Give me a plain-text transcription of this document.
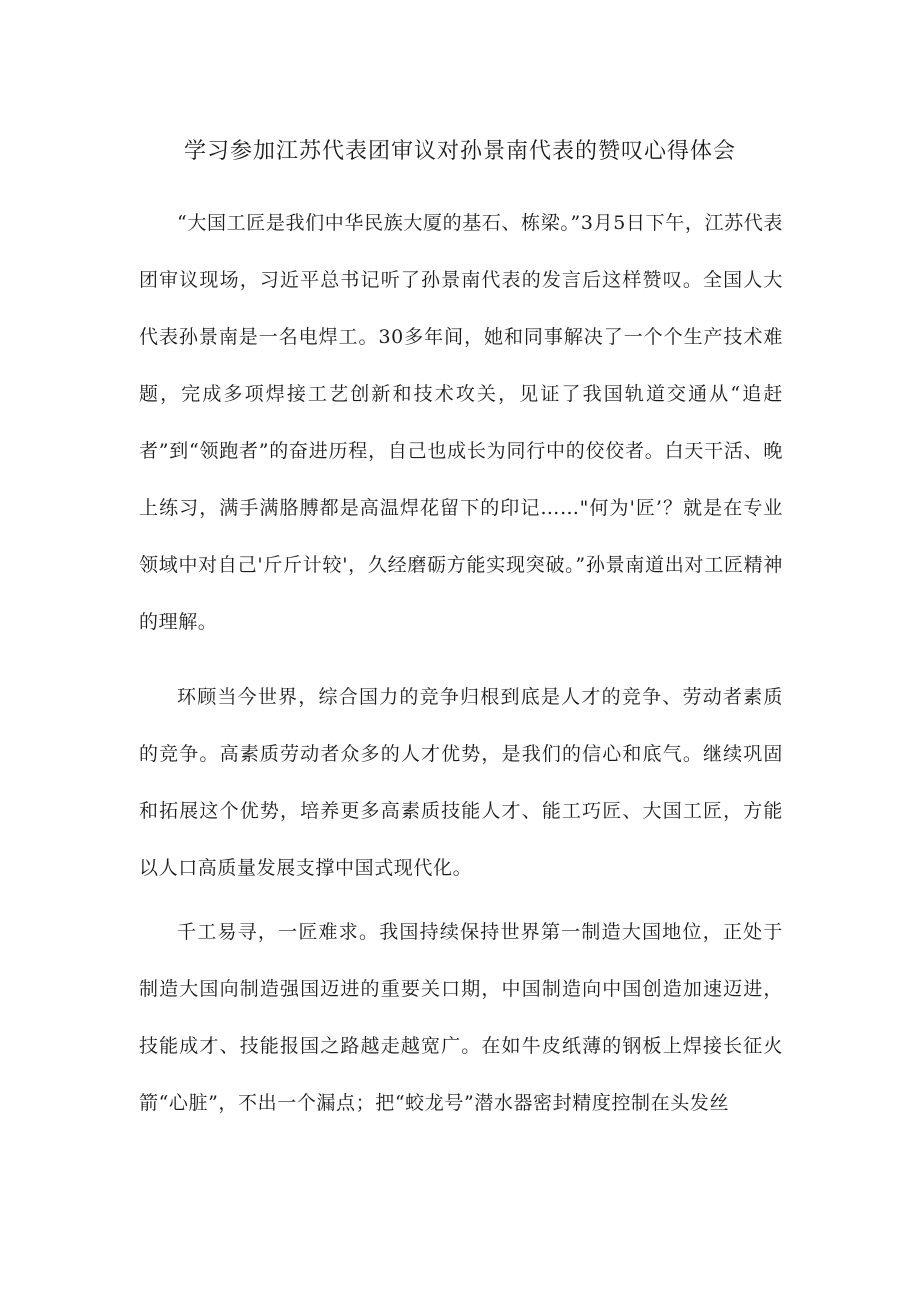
学习参加江苏代表团审议对孙景南代表的赞叹心得体会

“大国工匠是我们中华民族大厦的基石、栋梁。”3月5日下午，江苏代表团审议现场，习近平总书记听了孙景南代表的发言后这样赞叹。全国人大代表孙景南是一名电焊工。30多年间，她和同事解决了一个个生产技术难题，完成多项焊接工艺创新和技术攻关，见证了我国轨道交通从“追赶者”到“领跑者”的奋进历程，自己也成长为同行中的佼佼者。白天干活、晚上练习，满手满胳膊都是高温焊花留下的印记……"何为'匠’？就是在专业领域中对自己'斤斤计较'，久经磨砺方能实现突破。”孙景南道出对工匠精神的理解。

环顾当今世界，综合国力的竞争归根到底是人才的竞争、劳动者素质的竞争。高素质劳动者众多的人才优势，是我们的信心和底气。继续巩固和拓展这个优势，培养更多高素质技能人才、能工巧匠、大国工匠，方能以人口高质量发展支撑中国式现代化。

千工易寻，一匠难求。我国持续保持世界第一制造大国地位，正处于制造大国向制造强国迈进的重要关口期，中国制造向中国创造加速迈进，技能成才、技能报国之路越走越宽广。在如牛皮纸薄的钢板上焊接长征火箭“心脏”，不出一个漏点；把“蛟龙号”潜水器密封精度控制在头发丝
